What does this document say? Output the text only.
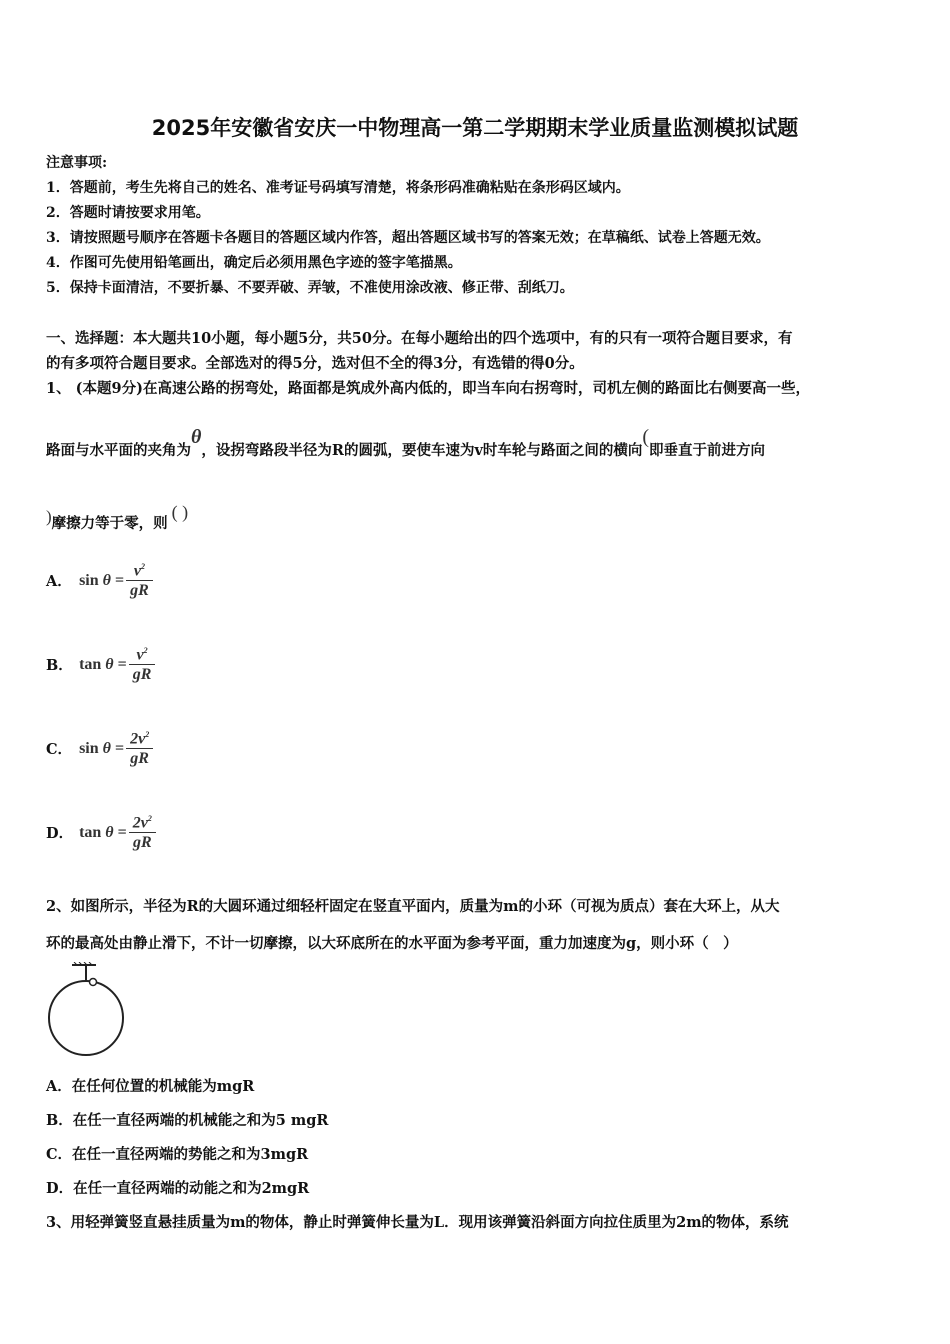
2025年安徽省安庆一中物理高一第二学期期末学业质量监测模拟试题
注意事项:
1．答题前，考生先将自己的姓名、准考证号码填写清楚，将条形码准确粘贴在条形码区域内。
2．答题时请按要求用笔。
3．请按照题号顺序在答题卡各题目的答题区域内作答，超出答题区域书写的答案无效；在草稿纸、试卷上答题无效。
4．作图可先使用铅笔画出，确定后必须用黑色字迹的签字笔描黑。
5．保持卡面清洁，不要折暴、不要弄破、弄皱，不准使用涂改液、修正带、刮纸刀。
一、选择题：本大题共10小题，每小题5分，共50分。在每小题给出的四个选项中，有的只有一项符合题目要求，有
的有多项符合题目要求。全部选对的得5分，选对但不全的得3分，有选错的得0分。
1、 (本题9分)在高速公路的拐弯处，路面都是筑成外高内低的，即当车向右拐弯时，司机左侧的路面比右侧要高一些，
路面与水平面的夹角为θ，设拐弯路段半径为R的圆弧，要使车速为v时车轮与路面之间的横向(即垂直于前进方向
)摩擦力等于零，则( )
A． $\sin \theta = \frac{v^2}{gR}$
B． $\tan \theta = \frac{v^2}{gR}$
C． $\sin \theta = \frac{2v^2}{gR}$
D． $\tan \theta = \frac{2v^2}{gR}$
2、如图所示，半径为R的大圆环通过细轻杆固定在竖直平面内，质量为m的小环（可视为质点）套在大环上，从大
环的最高处由静止滑下，不计一切摩擦，以大环底所在的水平面为参考平面，重力加速度为g，则小环（　）
A．在任何位置的机械能为mgR
B．在任一直径两端的机械能之和为5 mgR
C．在任一直径两端的势能之和为3mgR
D．在任一直径两端的动能之和为2mgR
3、用轻弹簧竖直悬挂质量为m的物体，静止时弹簧伸长量为L．现用该弹簧沿斜面方向拉住质里为2m的物体，系统
